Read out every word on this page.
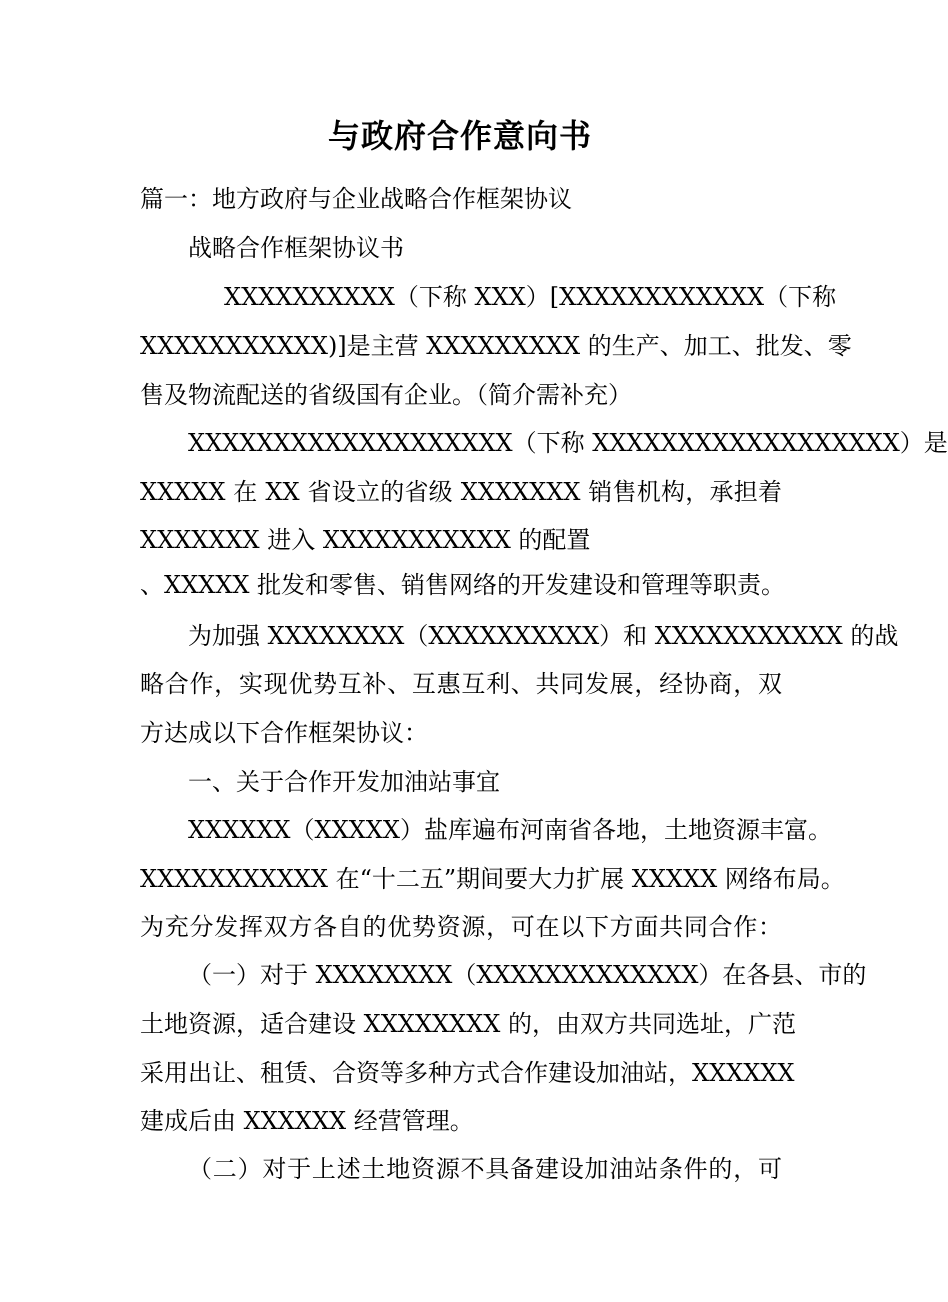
与政府合作意向书
篇一：地方政府与企业战略合作框架协议
战略合作框架协议书
XXXXXXXXXX（下称 XXX）[XXXXXXXXXXXX（下称
XXXXXXXXXXX)]是主营 XXXXXXXXX 的生产、加工、批发、零
售及物流配送的省级国有企业。（简介需补充）
XXXXXXXXXXXXXXXXXXX（下称 XXXXXXXXXXXXXXXXXX）是
XXXXX 在 XX 省设立的省级 XXXXXXX 销售机构，承担着
XXXXXXX 进入 XXXXXXXXXXX 的配置
、XXXXX 批发和零售、销售网络的开发建设和管理等职责。
为加强 XXXXXXXX（XXXXXXXXXX）和 XXXXXXXXXXX 的战
略合作，实现优势互补、互惠互利、共同发展，经协商，双
方达成以下合作框架协议：
一、关于合作开发加油站事宜
XXXXXX（XXXXX）盐库遍布河南省各地，土地资源丰富。
XXXXXXXXXXX 在“十二五”期间要大力扩展 XXXXX 网络布局。
为充分发挥双方各自的优势资源，可在以下方面共同合作：
（一）对于 XXXXXXXX（XXXXXXXXXXXXX）在各县、市的
土地资源，适合建设 XXXXXXXX 的，由双方共同选址，广范
采用出让、租赁、合资等多种方式合作建设加油站，XXXXXX
建成后由 XXXXXX 经营管理。
（二）对于上述土地资源不具备建设加油站条件的，可
